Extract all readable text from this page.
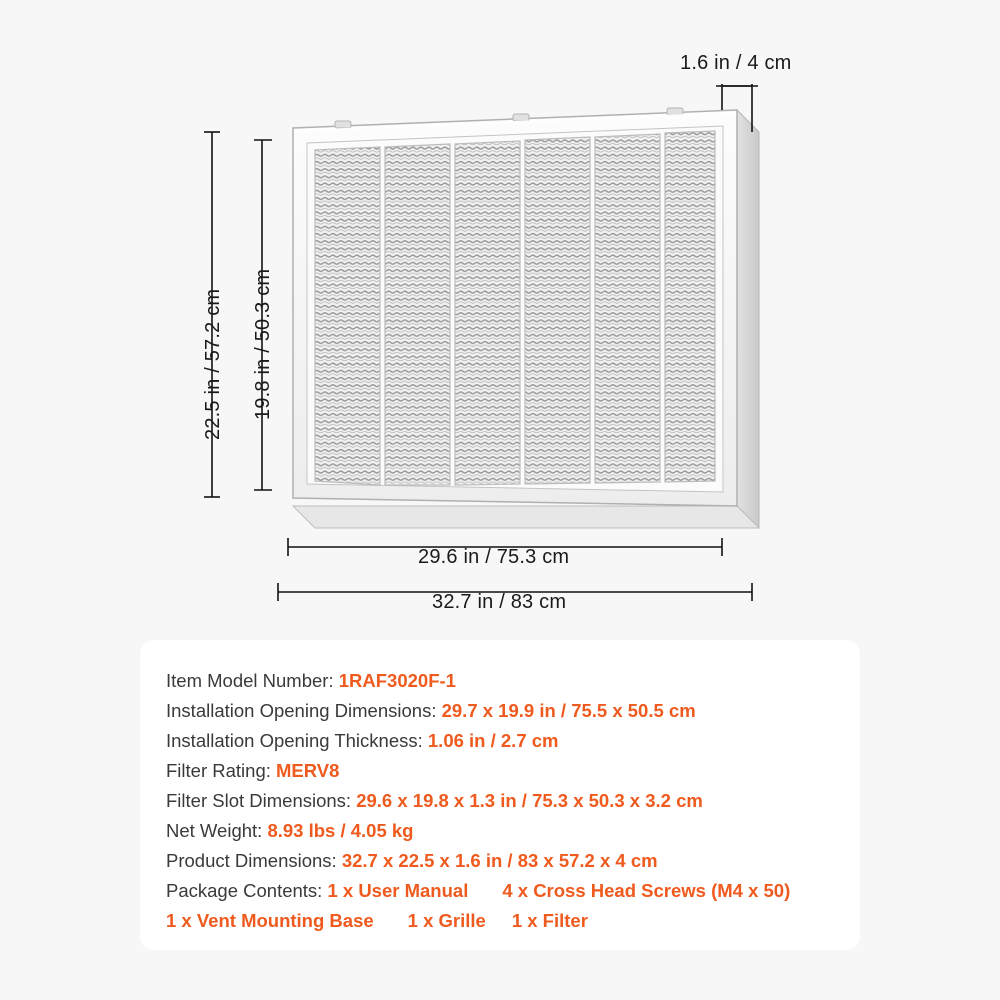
1.6 in / 4 cm
19.8 in / 50.3 cm
22.5 in / 57.2 cm
29.6 in / 75.3 cm
32.7 in / 83 cm
Item Model Number: 1RAF3020F-1
Installation Opening Dimensions: 29.7 x 19.9 in / 75.5 x 50.5 cm
Installation Opening Thickness: 1.06 in / 2.7 cm
Filter Rating: MERV8
Filter Slot Dimensions: 29.6 x 19.8 x 1.3 in / 75.3 x 50.3 x 3.2 cm
Net Weight: 8.93 lbs / 4.05 kg
Product Dimensions: 32.7 x 22.5 x 1.6 in / 83 x 57.2 x 4 cm
Package Contents: 1 x User Manual 4 x Cross Head Screws (M4 x 50)
1 x Vent Mounting Base 1 x Grille 1 x Filter
